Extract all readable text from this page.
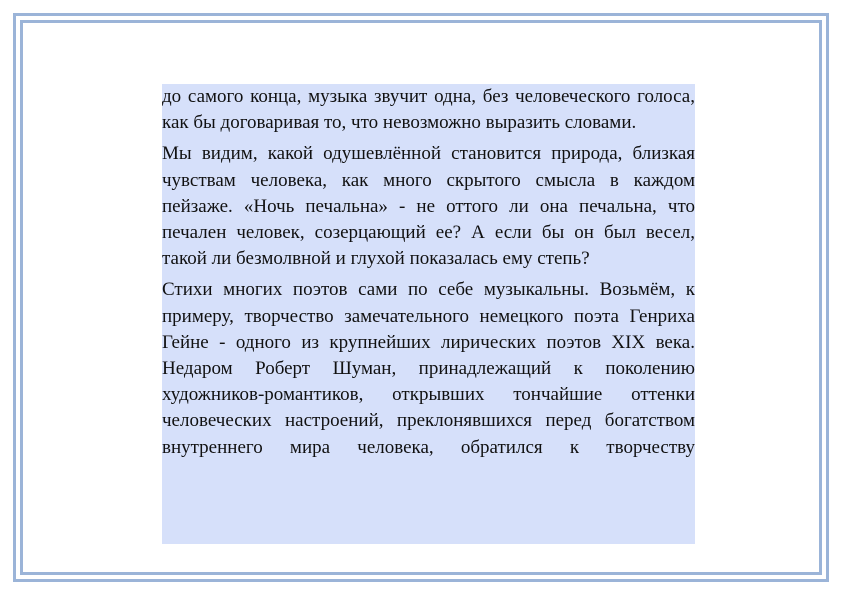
до самого конца, музыка звучит одна, без человеческого голоса, как бы договаривая то, что невозможно выразить словами.

Мы видим, какой одушевлённой становится природа, близкая чувствам человека, как много скрытого смысла в каждом пейзаже. «Ночь печальна» - не оттого ли она печальна, что печален человек, созерцающий ее? А если бы он был весел, такой ли безмолвной и глухой показалась ему степь?

Стихи многих поэтов сами по себе музыкальны. Возьмём, к примеру, творчество замечательного немецкого поэта Генриха Гейне - одного из крупнейших лирических поэтов XIX века. Недаром Роберт Шуман, принадлежащий к поколению художников-романтиков, открывших тончайшие оттенки человеческих настроений, преклонявшихся перед богатством внутреннего мира человека, обратился к творчеству
